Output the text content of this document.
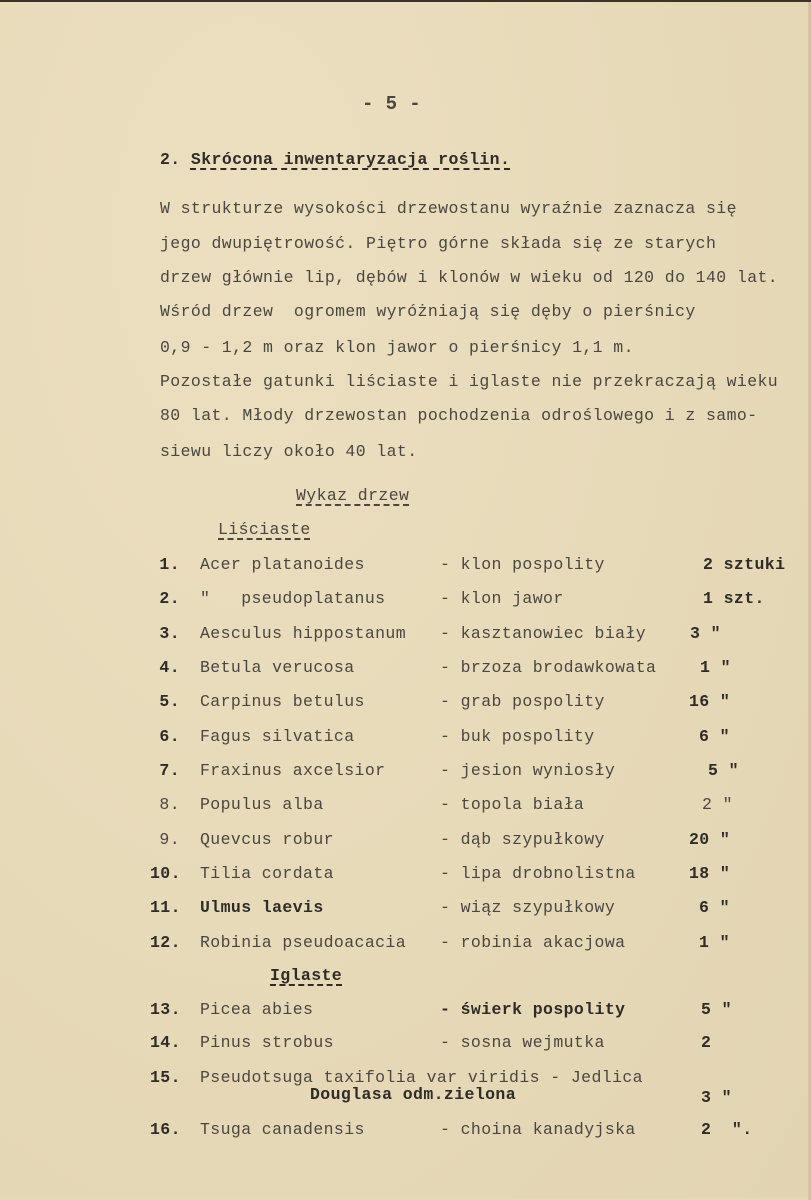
- 5 -
2. Skrócona inwentaryzacja roślin.
W strukturze wysokości drzewostanu wyraźnie zaznacza się
jego dwupiętrowość. Piętro górne składa się ze starych
drzew głównie lip, dębów i klonów w wieku od 120 do 140 lat.
Wśród drzew  ogromem wyróżniają się dęby o pierśnicy
0,9 - 1,2 m oraz klon jawor o pierśnicy 1,1 m.
Pozostałe gatunki liściaste i iglaste nie przekraczają wieku
80 lat. Młody drzewostan pochodzenia odroślowego i z samo-
siewu liczy około 40 lat.
Wykaz drzew
Liściaste
1. Acer platanoides	- klon pospolity	2 sztuki
2. "   pseudoplatanus	- klon jawor	1 szt.
3. Aesculus hippostanum - kasztanowiec biały	3 "
4. Betula verucosa	- brzoza brodawkowata	1 "
5. Carpinus betulus	- grab pospolity	16 "
6. Fagus silvatica	- buk pospolity	6 "
7. Fraxinus axcelsior	- jesion wyniosły	5 "
8. Populus alba	- topola biała	2 "
9. Quevcus robur	- dąb szypułkowy	20 "
10. Tilia cordata	- lipa drobnolistna	18 "
11. Ulmus laevis	- wiąz szypułkowy	6 "
12. Robinia pseudoacacia - robinia akacjowa	1 "
Iglaste
13. Picea abies	- świerk pospolity	5 "
14. Pinus strobus	- sosna wejmutka	2
15. Pseudotsuga taxifolia var viridis - Jedlica
Douglasa odm.zielona	3 "
16. Tsuga canadensis	- choina kanadyjska	2  ".
